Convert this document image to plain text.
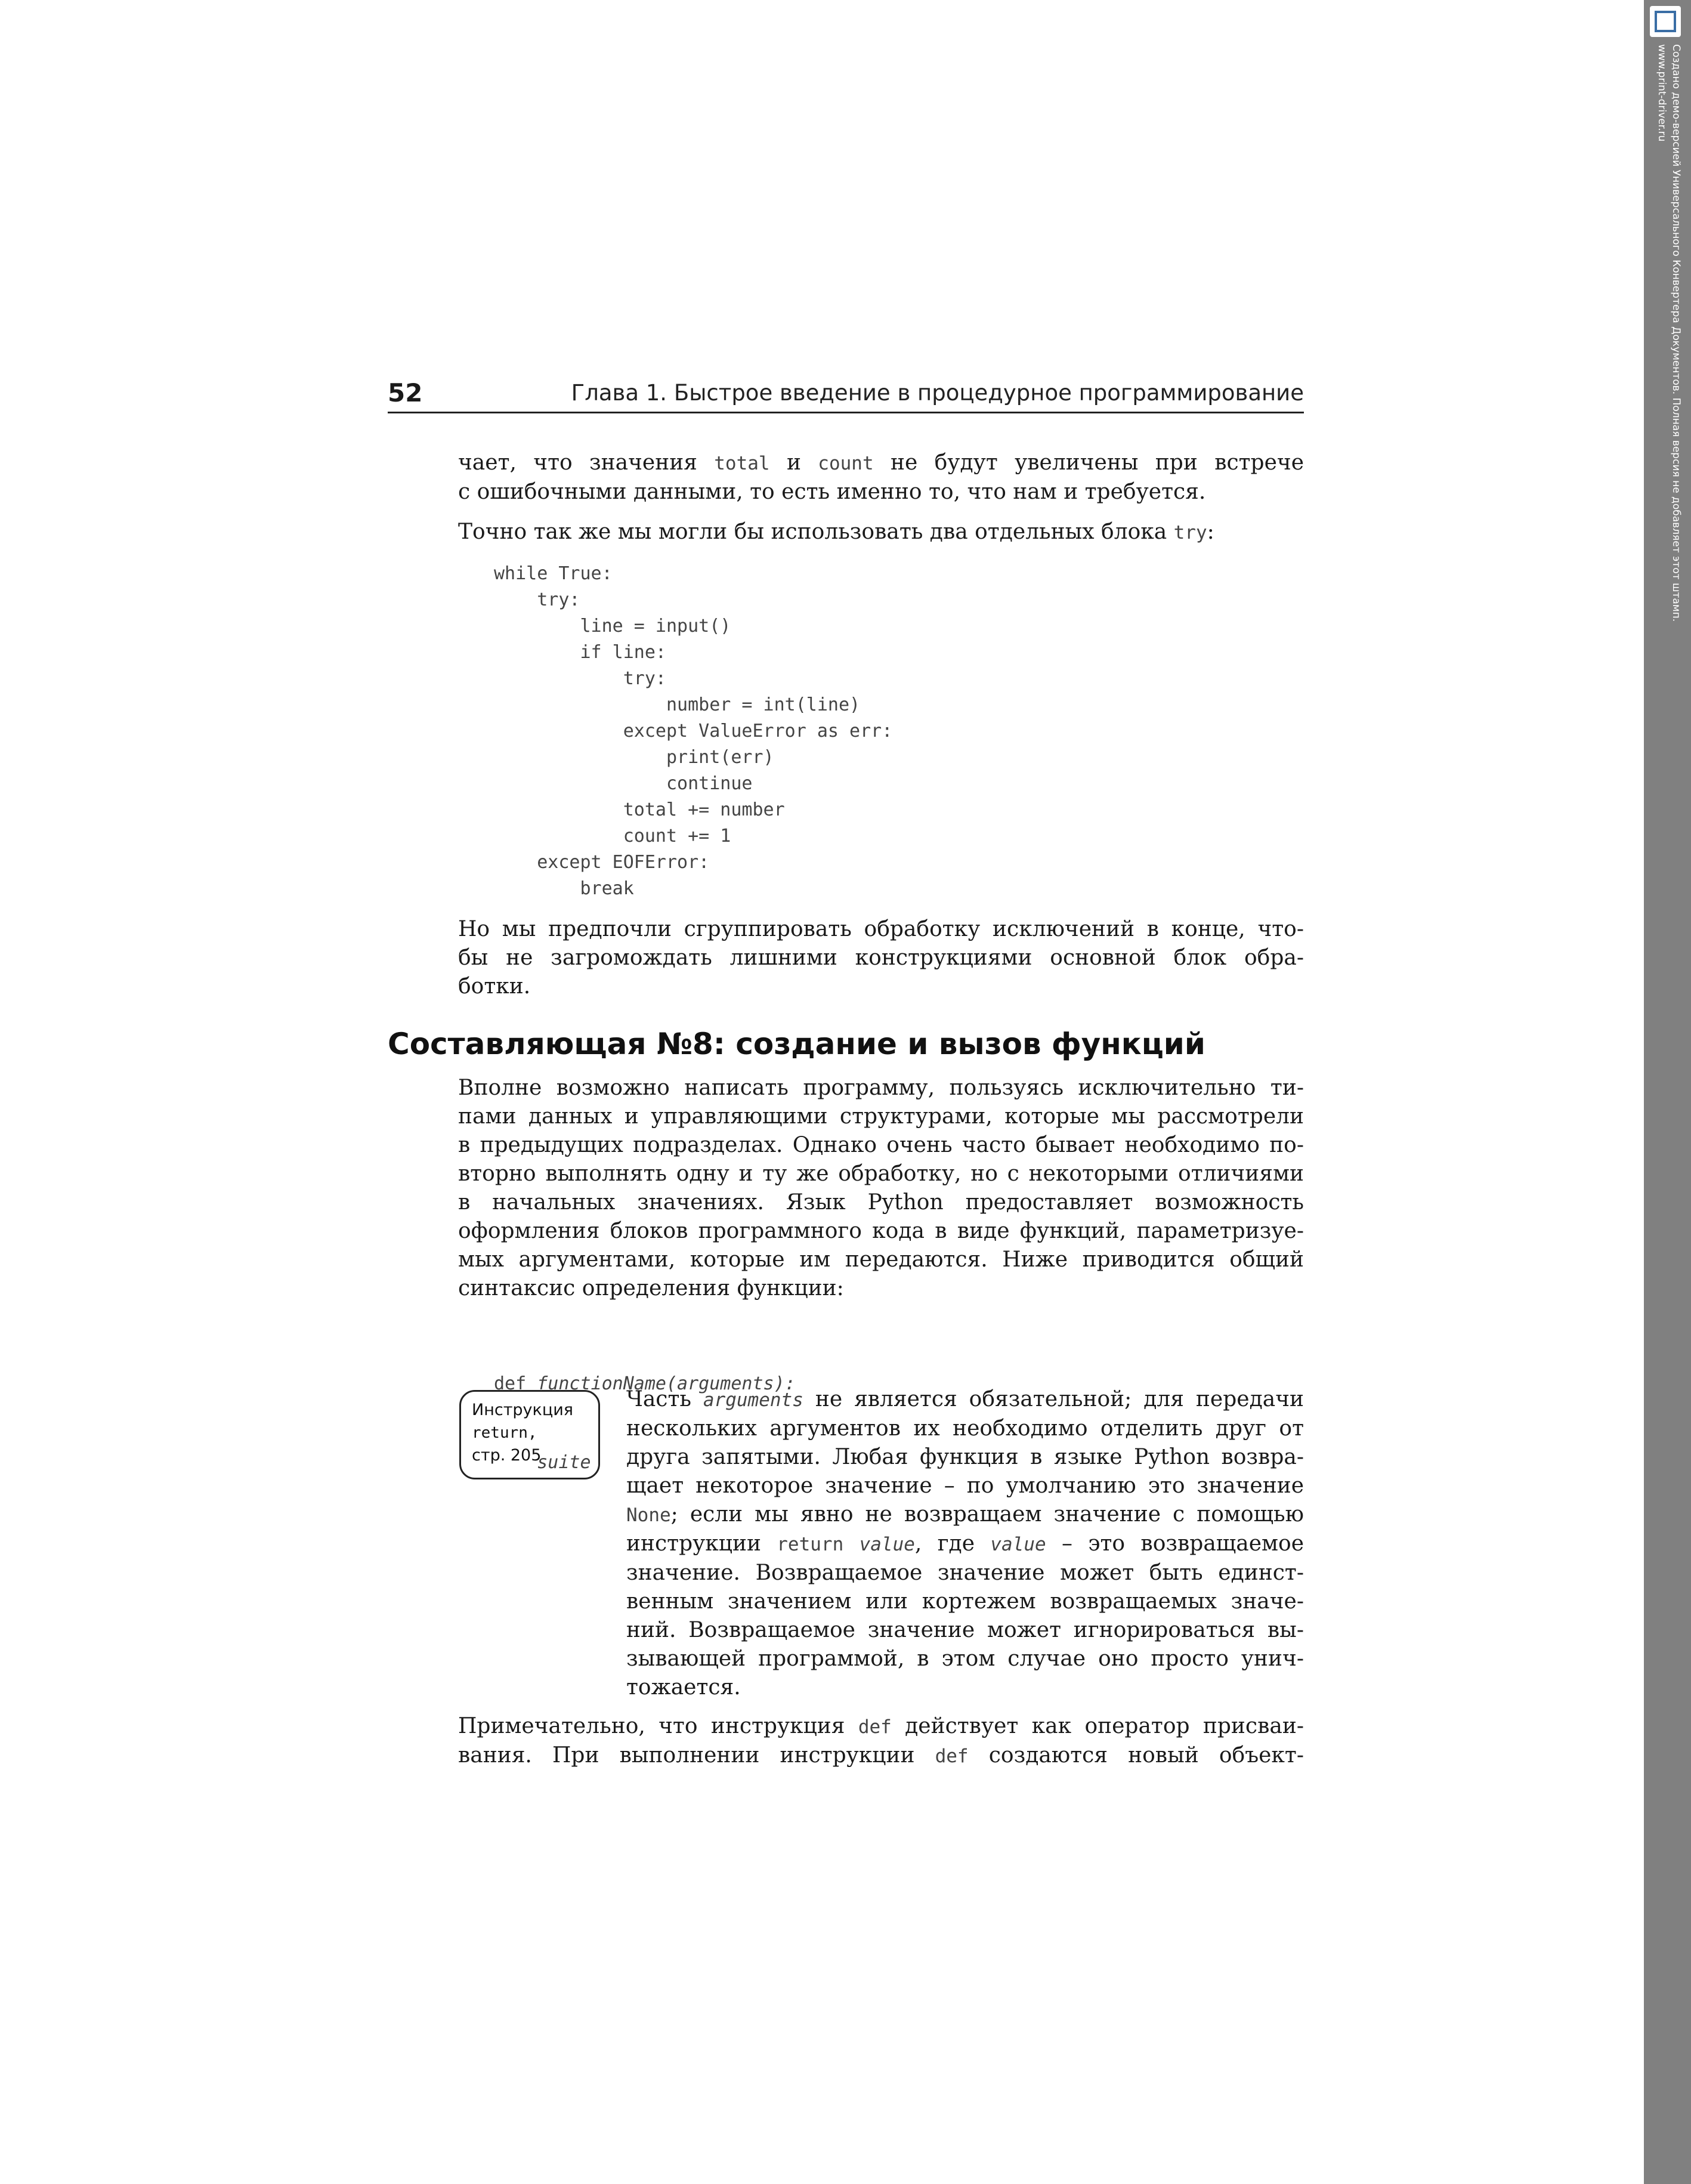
52	Глава 1. Быстрое введение в процедурное программирование
чает, что значения total и count не будут увеличены при встрече
с ошибочными данными, то есть именно то, что нам и требуется.
Точно так же мы могли бы использовать два отдельных блока try:
while True:
try:
line = input()
if line:
try:
number = int(line)
except ValueError as err:
print(err)
continue
total += number
count += 1
except EOFError:
break
Но мы предпочли сгруппировать обработку исключений в конце, что-
бы не загромождать лишними конструкциями основной блок обра-
ботки.
Составляющая №8: создание и вызов функций
Вполне возможно написать программу, пользуясь исключительно ти-
пами данных и управляющими структурами, которые мы рассмотрели
в предыдущих подразделах. Однако очень часто бывает необходимо по-
вторно выполнять одну и ту же обработку, но с некоторыми отличиями
в начальных значениях. Язык Python предоставляет возможность
оформления блоков программного кода в виде функций, параметризуе-
мых аргументами, которые им передаются. Ниже приводится общий
синтаксис определения функции:

def functionName(arguments):

suite

Инструкция
return,
стр. 205
Часть arguments не является обязательной; для передачи
нескольких аргументов их необходимо отделить друг от
друга запятыми. Любая функция в языке Python возвра-
щает некоторое значение – по умолчанию это значение
None; если мы явно не возвращаем значение с помощью
инструкции return value, где value – это возвращаемое
значение. Возвращаемое значение может быть единст-
венным значением или кортежем возвращаемых значе-
ний. Возвращаемое значение может игнорироваться вы-
зывающей программой, в этом случае оно просто унич-
тожается.
Примечательно, что инструкция def действует как оператор присваи-
вания. При выполнении инструкции def создаются новый объект-
Создано демо-версией Универсального Конвертера Документов. Полная версия не добавляет этот штамп.
www.print-driver.ru
